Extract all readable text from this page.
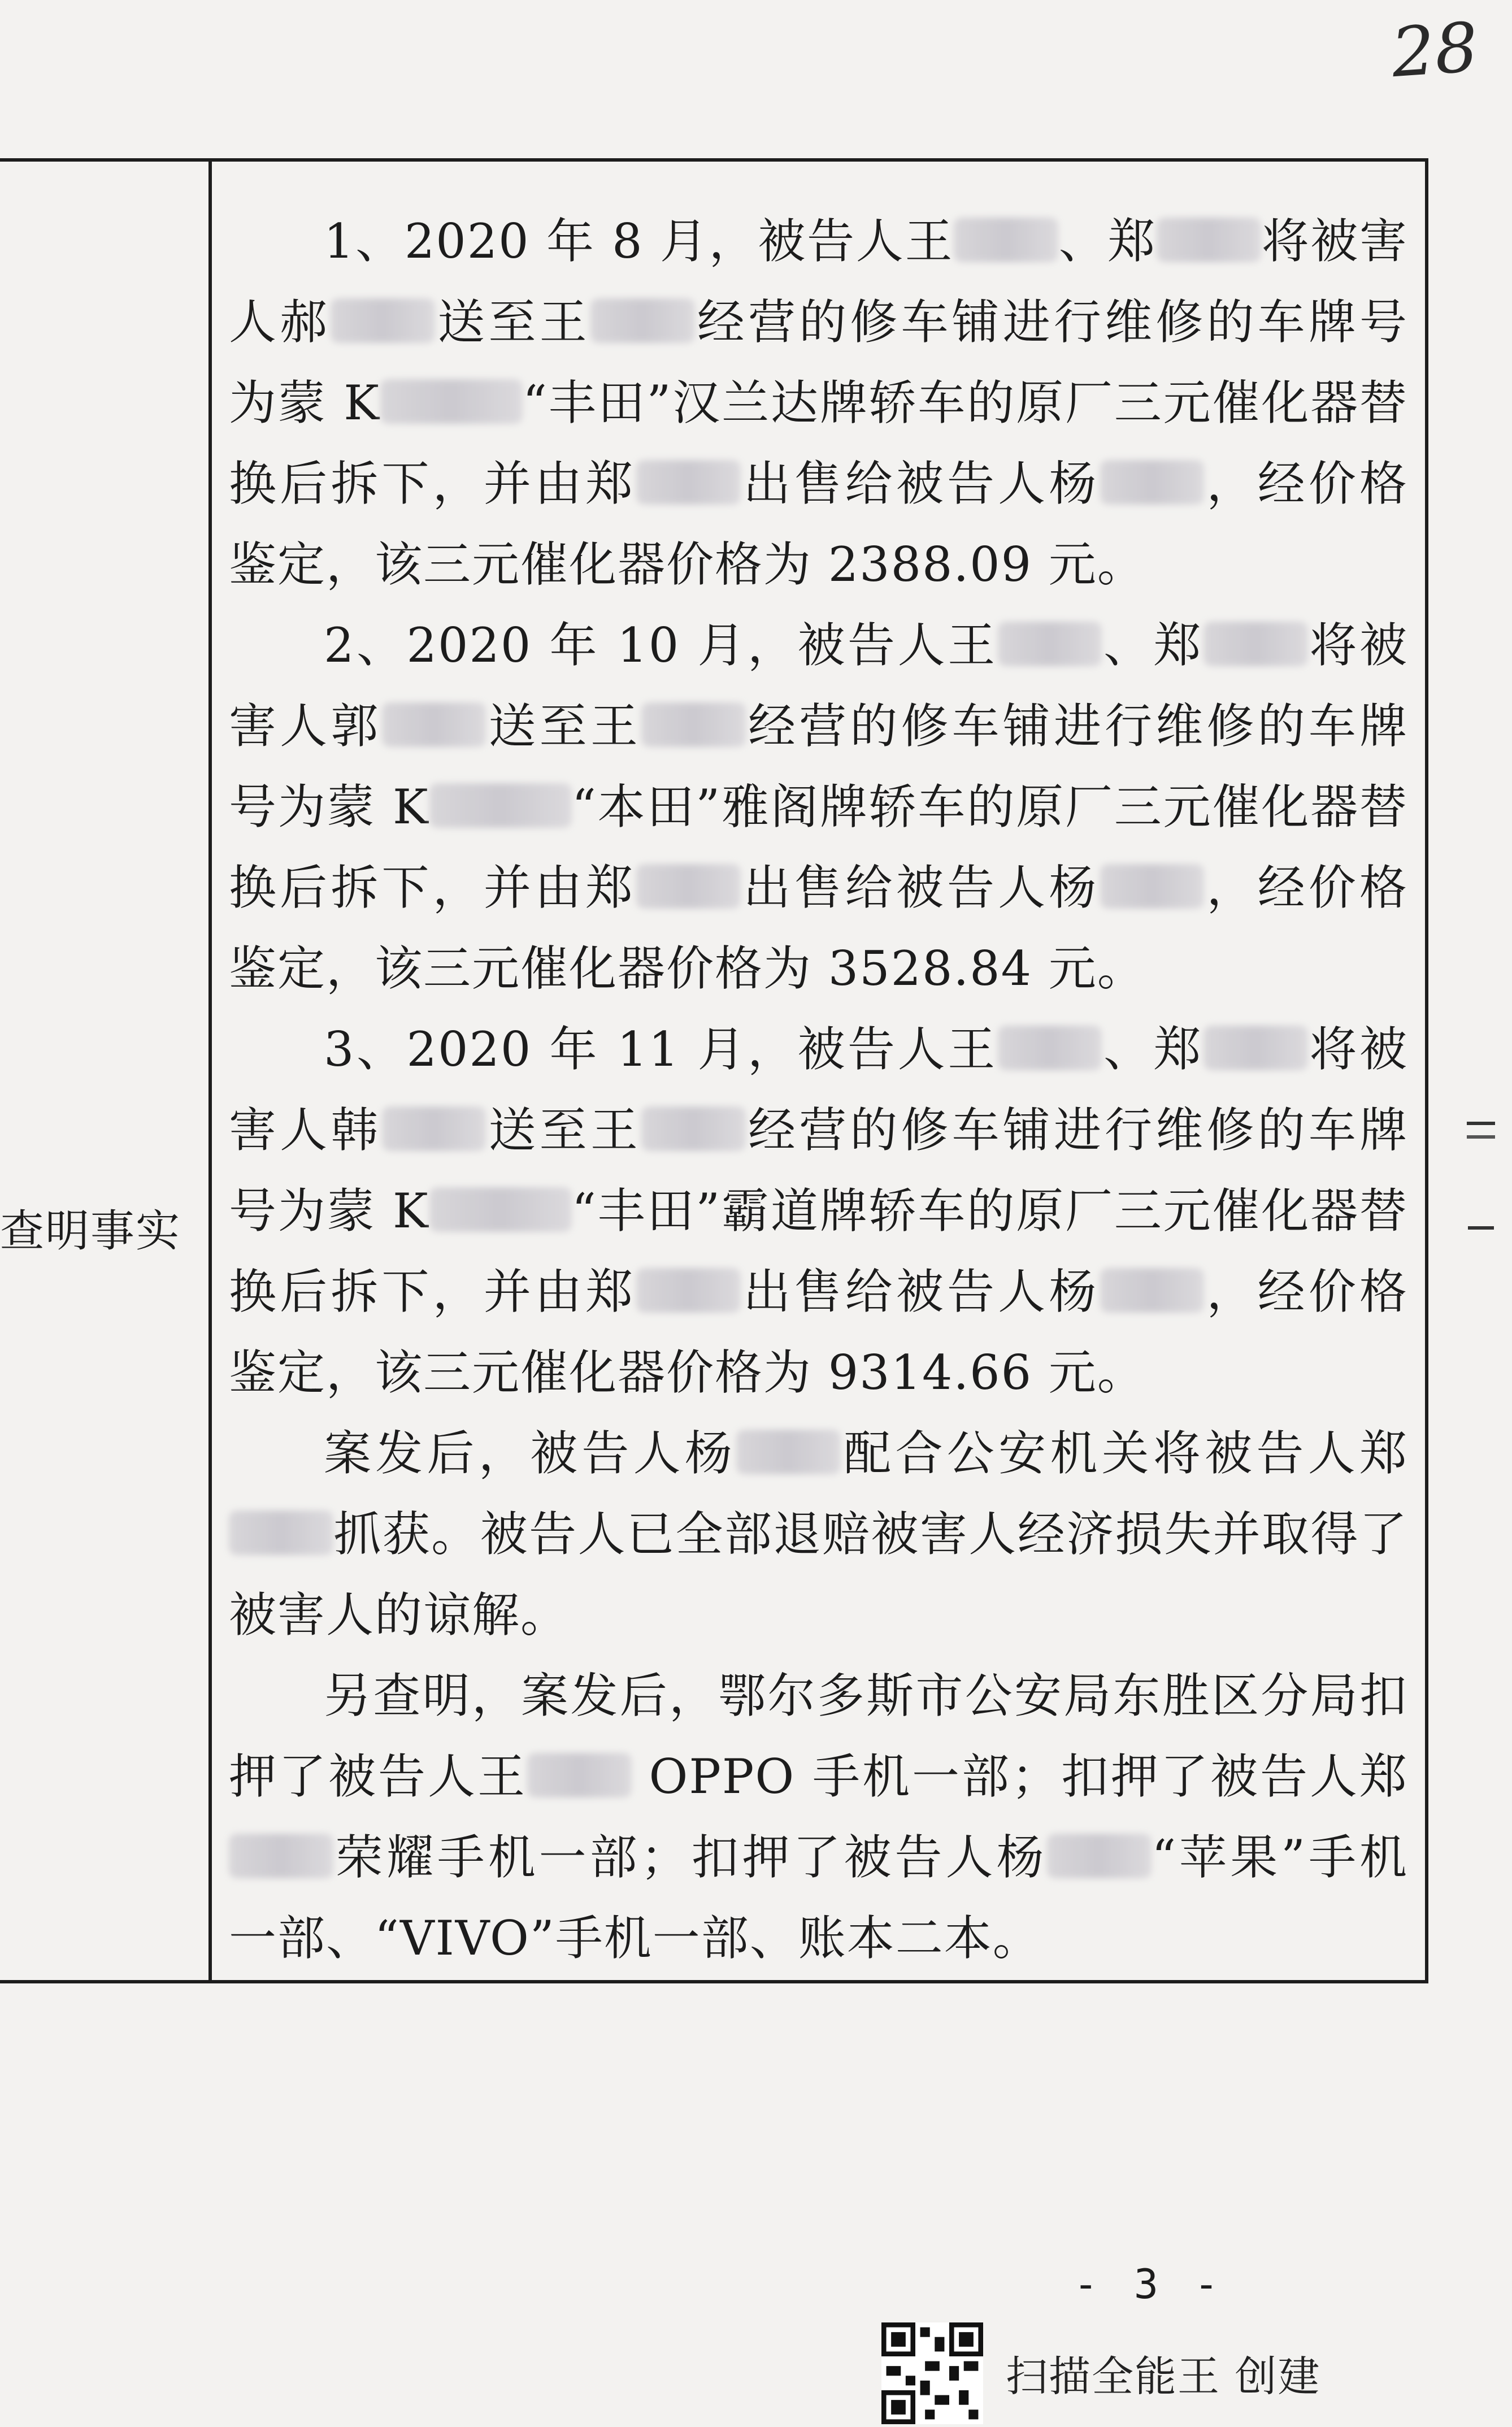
28
查明事实

1、2020 年 8 月，被告人王 、郑 将被害人郝 送至王 经营的修车铺进行维修的车牌号为蒙 K	“丰田”汉兰达牌轿车的原厂三元催化器替换后拆下，并由郑 出售给被告人杨 ，经价格鉴定，该三元催化器价格为 2388.09 元。

2、2020 年 10 月，被告人王 、郑 将被害人郭 送至王 经营的修车铺进行维修的车牌号为蒙 K	“本田”雅阁牌轿车的原厂三元催化器替换后拆下，并由郑 出售给被告人杨 ，经价格鉴定，该三元催化器价格为 3528.84 元。

3、2020 年 11 月，被告人王 、郑 将被害人韩 送至王 经营的修车铺进行维修的车牌号为蒙 K	“丰田”霸道牌轿车的原厂三元催化器替换后拆下，并由郑 出售给被告人杨 ，经价格鉴定，该三元催化器价格为 9314.66 元。

案发后，被告人杨 配合公安机关将被告人郑抓获。被告人已全部退赔被害人经济损失并取得了被害人的谅解。

另查明，案发后，鄂尔多斯市公安局东胜区分局扣押了被告人王 OPPO 手机一部；扣押了被告人郑荣耀手机一部；扣押了被告人杨 “苹果”手机一部、“VIVO”手机一部、账本二本。

- 3 -
扫描全能王 创建
